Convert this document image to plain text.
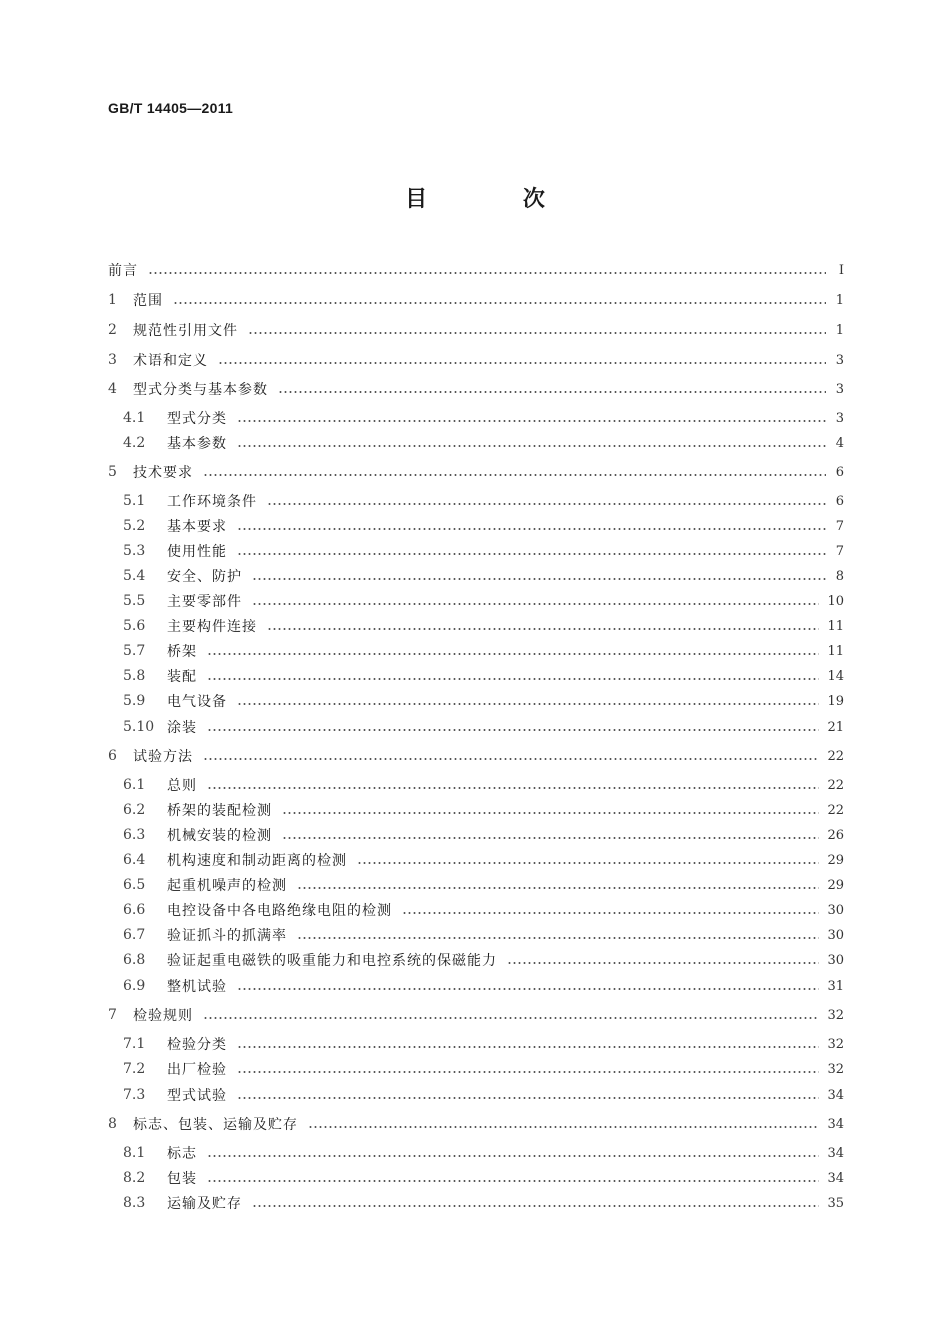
GB/T 14405—2011
目 次
前言	Ⅰ
1	范围	1
2	规范性引用文件	1
3	术语和定义	3
4	型式分类与基本参数	3
4.1	型式分类	3
4.2	基本参数	4
5	技术要求	6
5.1	工作环境条件	6
5.2	基本要求	7
5.3	使用性能	7
5.4	安全、防护	8
5.5	主要零部件	10
5.6	主要构件连接	11
5.7	桥架	11
5.8	装配	14
5.9	电气设备	19
5.10 涂装	21
6	试验方法	22
6.1	总则	22
6.2	桥架的装配检测	22
6.3	机械安装的检测	26
6.4	机构速度和制动距离的检测	29
6.5	起重机噪声的检测	29
6.6	电控设备中各电路绝缘电阻的检测	30
6.7	验证抓斗的抓满率	30
6.8	验证起重电磁铁的吸重能力和电控系统的保磁能力	30
6.9	整机试验	31
7	检验规则	32
7.1	检验分类	32
7.2	出厂检验	32
7.3	型式试验	34
8	标志、包装、运输及贮存	34
8.1	标志	34
8.2	包装	34
8.3	运输及贮存	35
